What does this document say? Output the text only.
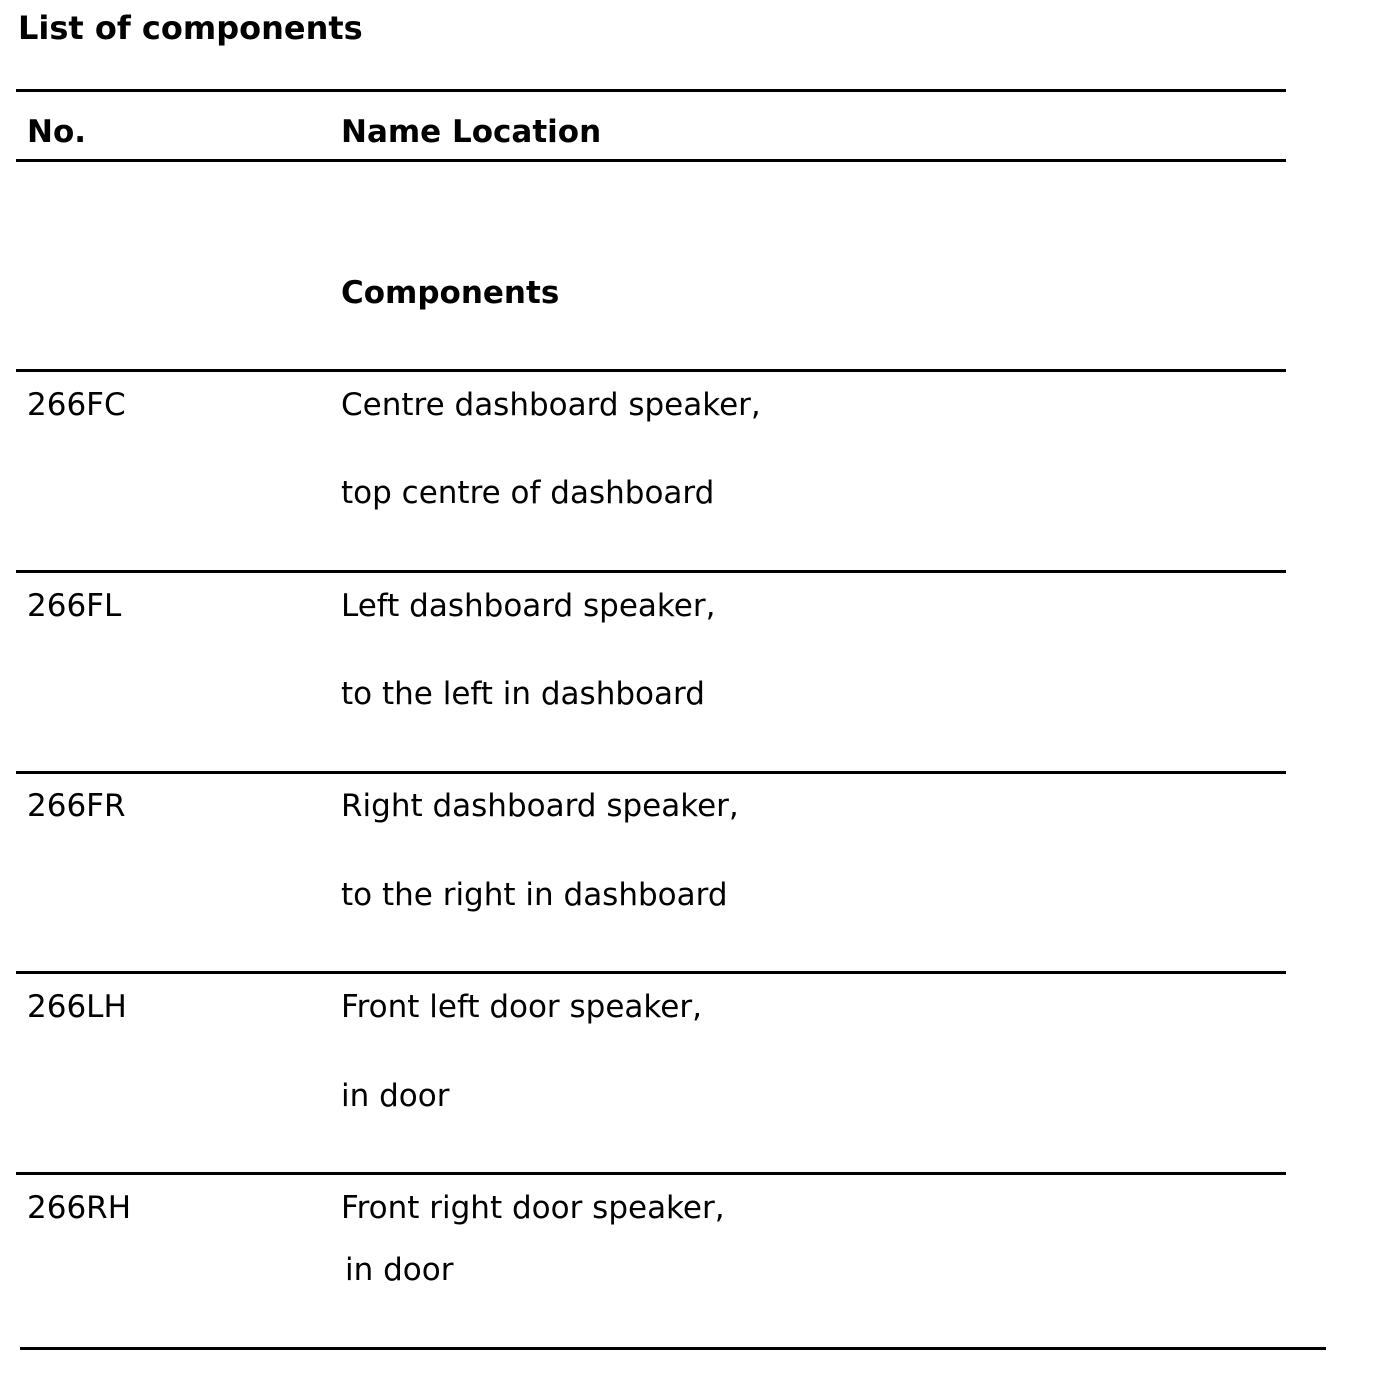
List of components
No.	Name Location
Components
266FC	Centre dashboard speaker,
top centre of dashboard
266FL	Left dashboard speaker,
to the left in dashboard
266FR	Right dashboard speaker,
to the right in dashboard
266LH	Front left door speaker,
in door
266RH	Front right door speaker,
in door
